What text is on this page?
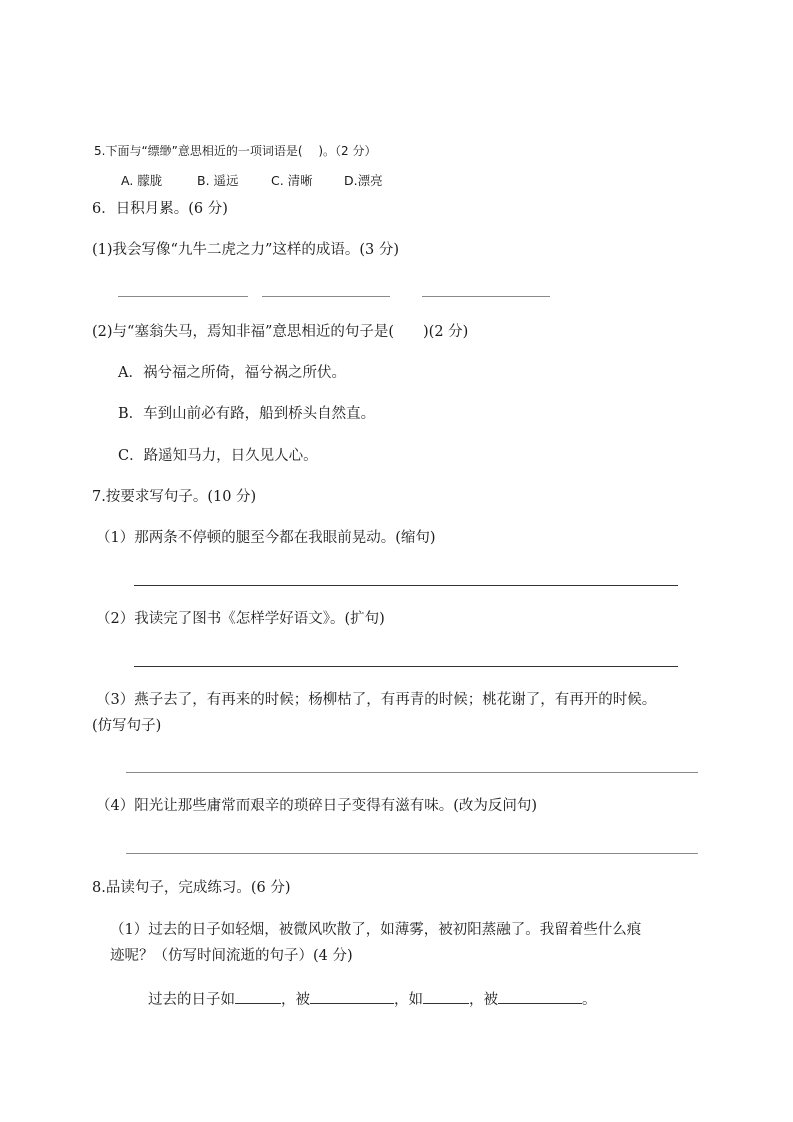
5.下面与“缥缈”意思相近的一项词语是(　 )。（2 分）
A. 朦胧	B. 遥远	C. 清晰	D.漂亮
6．日积月累。(6 分)
(1)我会写像“九牛二虎之力”这样的成语。(3 分)
(2)与“塞翁失马，焉知非福”意思相近的句子是(　　)(2 分)
A．祸兮福之所倚，福兮祸之所伏。
B．车到山前必有路，船到桥头自然直。
C．路遥知马力，日久见人心。
7.按要求写句子。(10 分)
（1）那两条不停顿的腿至今都在我眼前晃动。(缩句)
（2）我读完了图书《怎样学好语文》。(扩句)
（3）燕子去了，有再来的时候；杨柳枯了，有再青的时候；桃花谢了，有再开的时候。
(仿写句子)
（4）阳光让那些庸常而艰辛的琐碎日子变得有滋有味。(改为反问句)
8.品读句子，完成练习。(6 分)
（1）过去的日子如轻烟，被微风吹散了，如薄雾，被初阳蒸融了。我留着些什么痕
迹呢？（仿写时间流逝的句子）(4 分)
过去的日子如	，被	，如	，被	。
